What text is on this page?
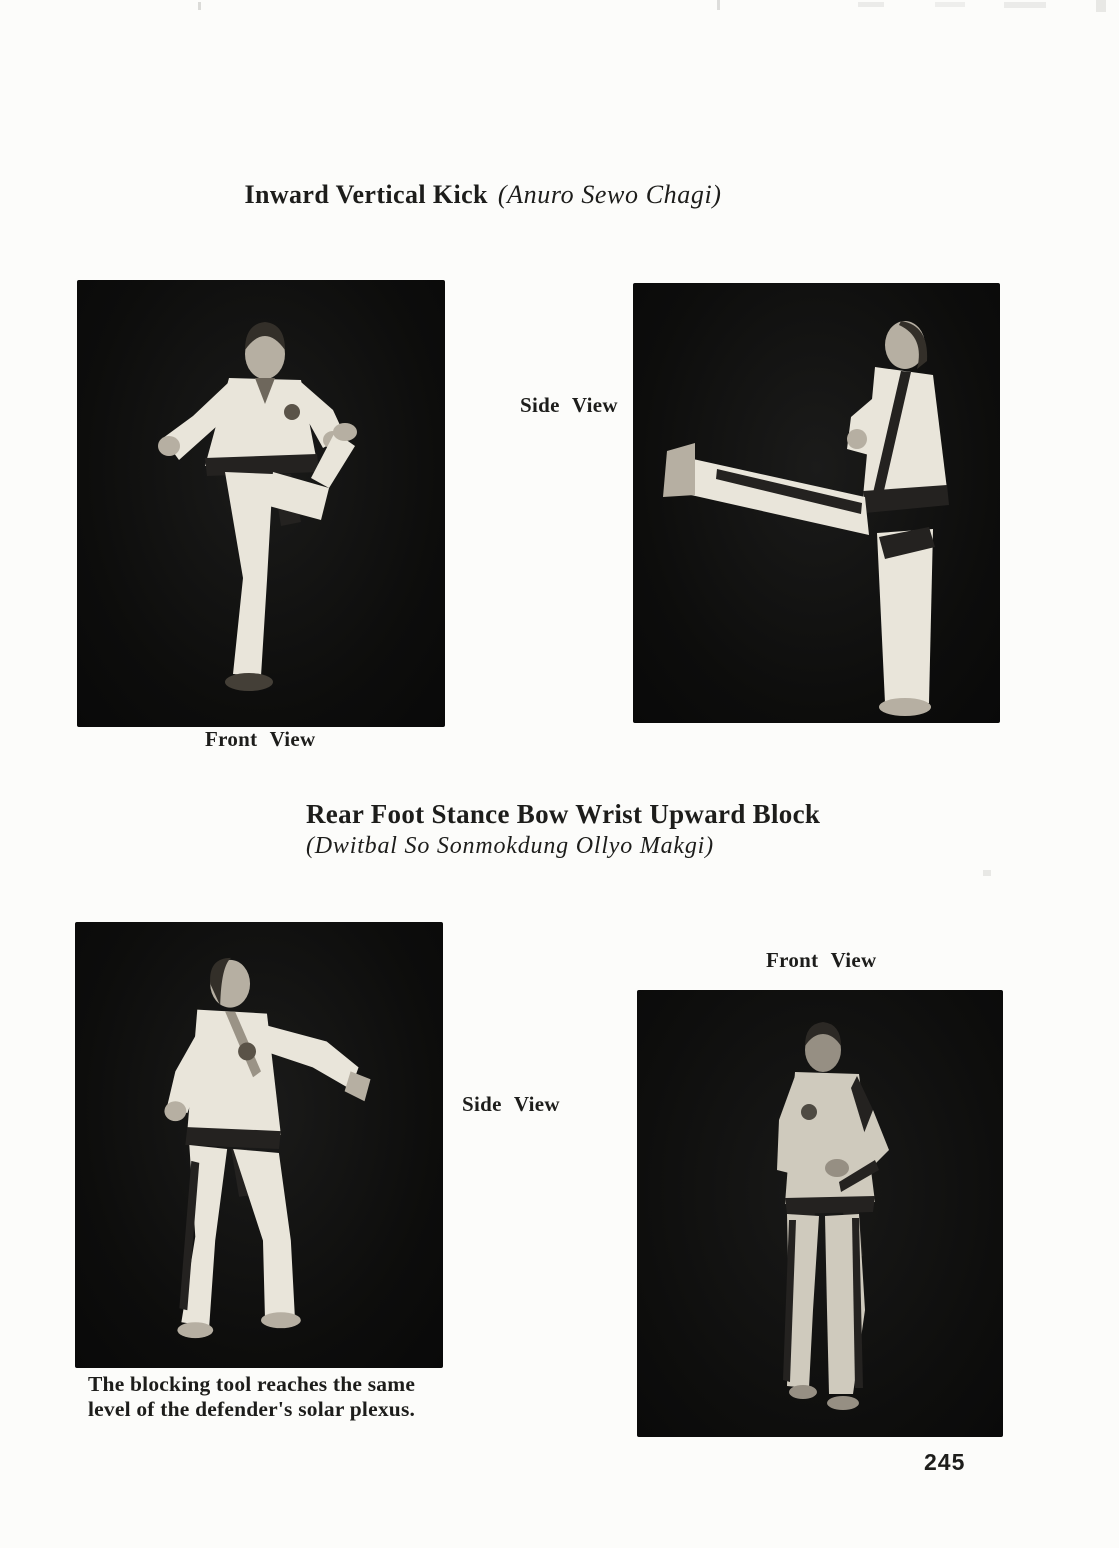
Inward Vertical Kick (Anuro Sewo Chagi)
Side View
Front View
Rear Foot Stance Bow Wrist Upward Block
(Dwitbal So Sonmokdung Ollyo Makgi)
Front View
Side View
The blocking tool reaches the same
level of the defender's solar plexus.
245
